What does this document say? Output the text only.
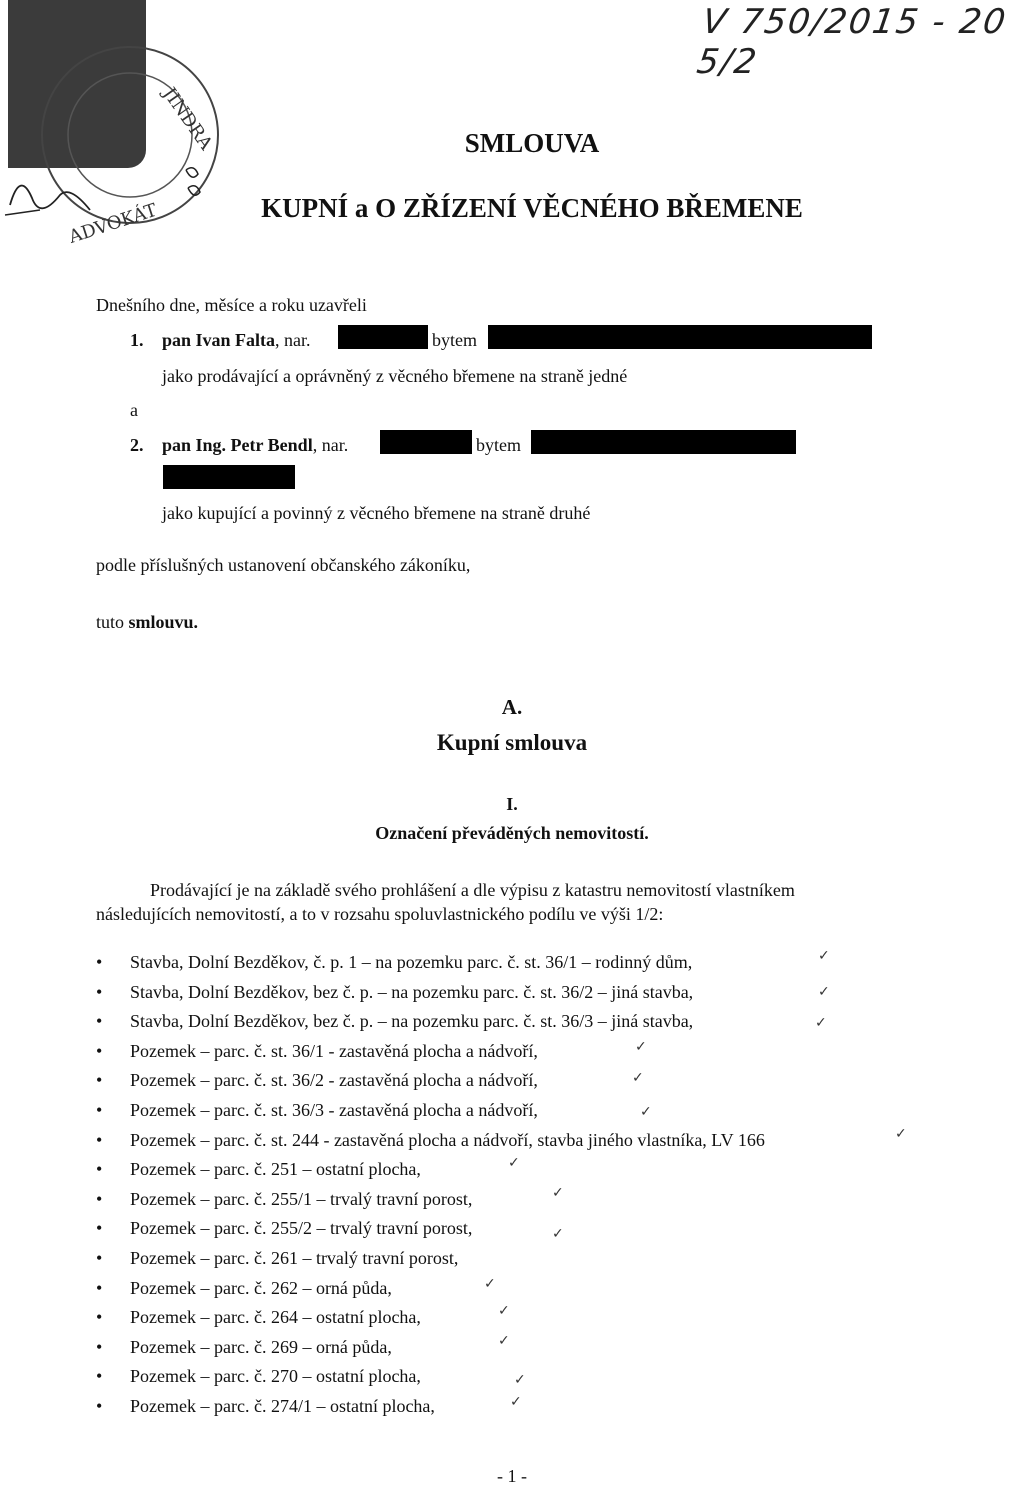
JINDRA
ADVOKÁT
V 750/2015 - 20 5/2
SMLOUVA
KUPNÍ a O ZŘÍZENÍ VĚCNÉHO BŘEMENE
Dnešního dne, měsíce a roku uzavřeli
1. pan Ivan Falta, nar.	bytem
jako prodávající a oprávněný z věcného břemene na straně jedné
a
2. pan Ing. Petr Bendl, nar.	bytem
jako kupující a povinný z věcného břemene na straně druhé
podle příslušných ustanovení občanského zákoníku,
tuto smlouvu.
A.
Kupní smlouva
I.
Označení převáděných nemovitostí.
Prodávající je na základě svého prohlášení a dle výpisu z katastru nemovitostí vlastníkem
následujících nemovitostí, a to v rozsahu spoluvlastnického podílu ve výši 1/2:
• Stavba, Dolní Bezděkov, č. p. 1 – na pozemku parc. č. st. 36/1 – rodinný dům,	✓
• Stavba, Dolní Bezděkov, bez č. p. – na pozemku parc. č. st. 36/2 – jiná stavba,	✓
• Stavba, Dolní Bezděkov, bez č. p. – na pozemku parc. č. st. 36/3 – jiná stavba,	✓
• Pozemek – parc. č. st. 36/1 - zastavěná plocha a nádvoří,	✓
• Pozemek – parc. č. st. 36/2 - zastavěná plocha a nádvoří,	✓
• Pozemek – parc. č. st. 36/3 - zastavěná plocha a nádvoří,	✓
• Pozemek – parc. č. st. 244 - zastavěná plocha a nádvoří, stavba jiného vlastníka, LV 166	✓
• Pozemek – parc. č. 251 – ostatní plocha,	✓
• Pozemek – parc. č. 255/1 – trvalý travní porost,	✓
• Pozemek – parc. č. 255/2 – trvalý travní porost,	✓
• Pozemek – parc. č. 261 – trvalý travní porost,
• Pozemek – parc. č. 262 – orná půda,	✓
• Pozemek – parc. č. 264 – ostatní plocha,	✓
• Pozemek – parc. č. 269 – orná půda,	✓
• Pozemek – parc. č. 270 – ostatní plocha,	✓
• Pozemek – parc. č. 274/1 – ostatní plocha,	✓
- 1 -
